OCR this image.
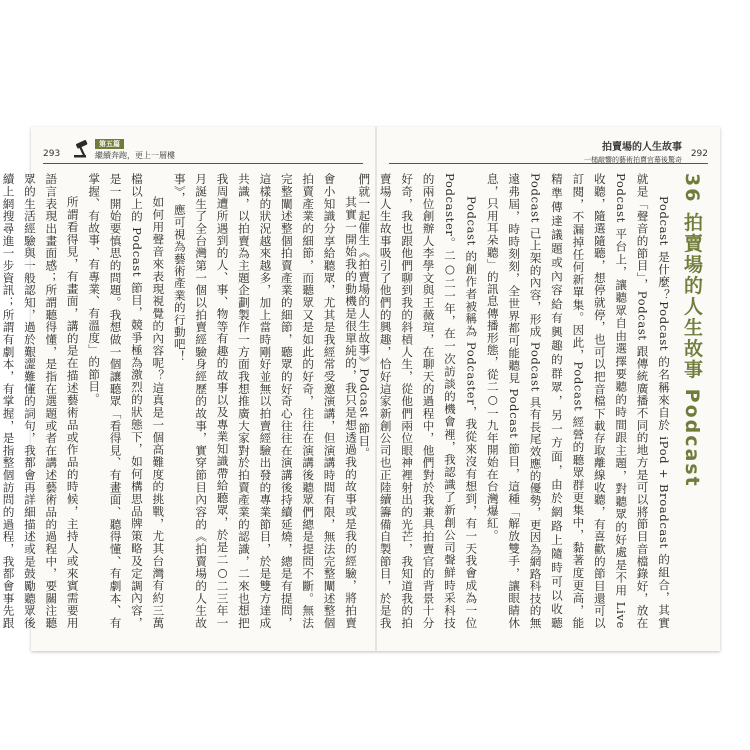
293
第五篇
繼續奔跑，更上一層樓

其實一開始我的動機是很單純的，我只是想透過我的故事或是我的經驗，將拍賣會小知識分享給聽眾，尤其是我經常受邀演講，但演講時間有限，無法完整闡述整個拍賣產業的細節，而聽眾又是如此的好奇，往往在演講後聽眾們總是提問不斷。無法完整闡述整個拍賣產業的細節，聽眾的好奇心往往在演講後持續延燒，總是有提問，這樣的狀況越來越多，加上當時剛好並無以拍賣經驗出發的專業節目，於是雙方達成共識，以拍賣為主題企劃製作一方面我想推廣大家對於拍賣產業的認識，二來也想把我周遭所遇到的人、事、物等有趣的故事以及專業知識帶給聽眾，於是二○二三年一月誕生了全台灣第一個以拍賣經驗身經歷的故事，實穿節目內容的《拍賣場的人生故事》，應可視為藝術產業的行動吧！

如何用聲音來表現視覺的內容呢？這真是一個高難度的挑戰，尤其台灣有約三萬檔以上的 Podcast 節目，競爭極為激烈的狀態下，如何構思品牌策略及定調內容，是一開始要慎思的問題。我想做一個讓聽眾「看得見、有畫面、聽得懂、有劇本、有掌握、有故事、有專業、有溫度」的節目。

所謂看得見，有畫面，講的是在描述藝術品或作品的時候，主持人或來賓需要用語言表現出畫面感；所謂聽得懂，是指在選題或者在講述藝術品的過程中，要關注聽眾的生活經驗與一般認知，過於艱澀難懂的詞句，我都會再詳細描述或是鼓勵聽眾後續上網搜尋進一步資訊；所謂有劇本，有掌握，是指整個訪問的過程，我都會事先跟

拍賣場的人生故事
一槌敲響的藝術拍賣官幕後驚奇
292
36 拍賣場的人生故事 Podcast

Podcast 是什麼？Podcast 的名稱來自於 iPod + Broadcast 的組合，其實就是「聲音的節目」，Podcast 跟傳統廣播不同的地方是可以將節目音檔錄好，放在 Podcast 平台上，讓聽眾自由選擇要聽的時間跟主題，對聽眾的好處是不用 Live 收聽，隨選隨聽，想停就停，也可以把音檔下載存取離線收聽，有喜歡的節目還可以訂閱，不漏掉任何新單集。因此，Podcast 經營的聽眾群更集中，黏著度更高，能精準傳達議題或內容給有興趣的群眾，另一方面，由於網路上隨時可以收聽 Podcast 已上架的內容，形成 Podcast 具有長尾效應的優勢，更因為網路科技的無遠弗屆，時時刻刻，全世界都可能聽見 Podcast 節目，這種「解放雙手，讓眼睛休息，只用耳朵聽」的訊息傳播形態，從二○一九年開始在台灣爆紅。

Podcast 的創作者被稱為 Podcaster，我從來沒有想到，有一天我會成為一位 Podcaster。二○二一年，在一次訪談的機會裡，我認識了新創公司聲鮮時采科技的兩位創辦人李學文與王薇瑄，在聊天的過程中，他們對於我兼具拍賣官的背景十分好奇，我也跟他們聊到我的斜槓人生，從他們兩位眼神裡射出的光芒，我知道我的拍賣場人生故事吸引了他們的興趣，恰好這家新創公司也正陸續籌備自製節目，於是我們就一起催生《拍賣場的人生故事》Podcast 節目。
